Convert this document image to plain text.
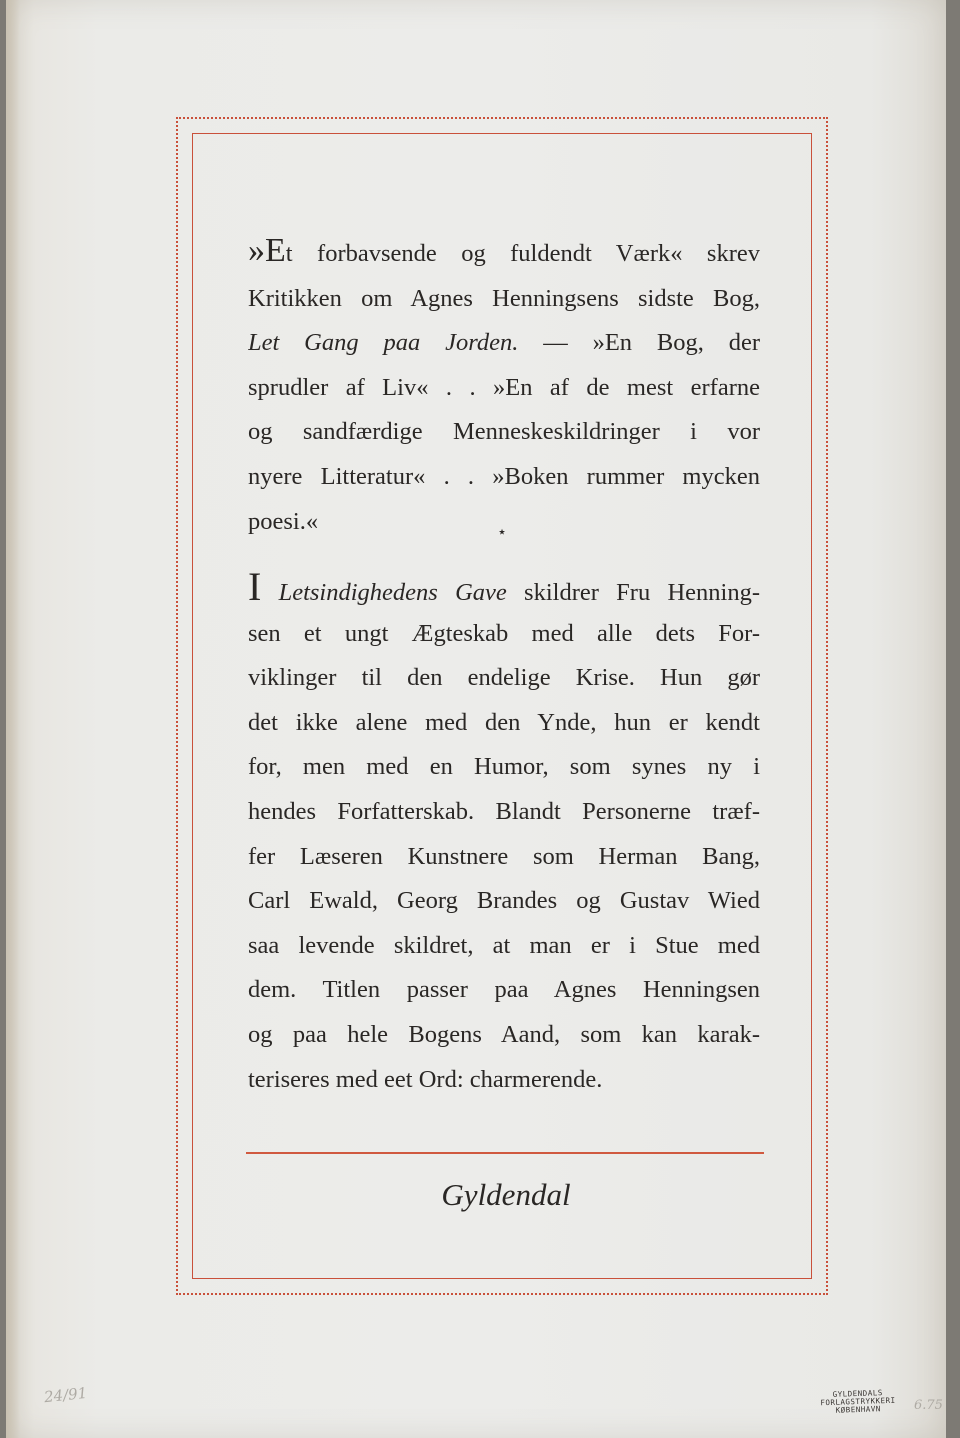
»Et forbavsende og fuldendt Værk« skrev
Kritikken om Agnes Henningsens sidste Bog,
Let Gang paa Jorden. — »En Bog, der
sprudler af Liv« . . »En af de mest erfarne
og sandfærdige Menneskeskildringer i vor
nyere Litteratur« . . »Boken rummer mycken
poesi.«	⋆
I Letsindighedens Gave skildrer Fru Henning-
sen et ungt Ægteskab med alle dets For-
viklinger til den endelige Krise. Hun gør
det ikke alene med den Ynde, hun er kendt
for, men med en Humor, som synes ny i
hendes Forfatterskab. Blandt Personerne træf-
fer Læseren Kunstnere som Herman Bang,
Carl Ewald, Georg Brandes og Gustav Wied
saa levende skildret, at man er i Stue med
dem. Titlen passer paa Agnes Henningsen
og paa hele Bogens Aand, som kan karak-
teriseres med eet Ord: charmerende.
Gyldendal
GYLDENDALS
FORLAGSTRYKKERI
KØBENHAVN
24/91	6.75
